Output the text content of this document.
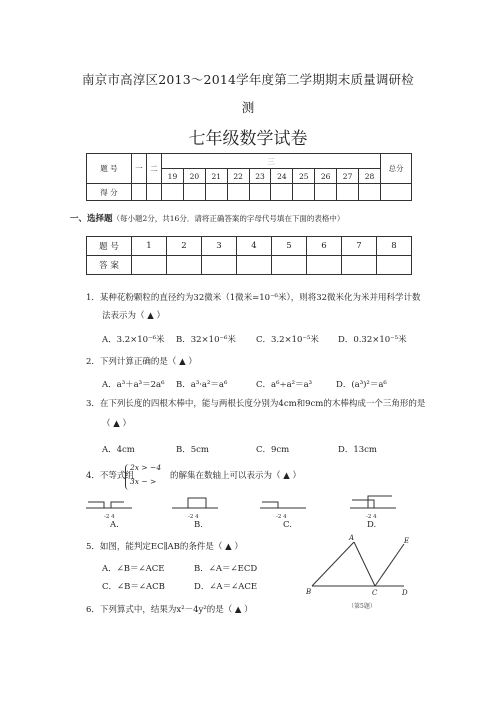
南京市高淳区2013～2014学年度第二学期期末质量调研检
测
七年级数学试卷
题 号	一	二	三										总分
			19	20	21	22	23	24	25	26	27	28	
得 分													
一、选择题（每小题2分，共16分．请将正确答案的字母代号填在下面的表格中）
题 号	1	2	3	4	5	6	7	8
答 案								
1．某种花粉颗粒的直径约为32微米（1微米=10⁻⁶米），则将32微米化为米并用科学计数
法表示为（ ▲ ）
A．3.2×10⁻⁶米 B．32×10⁻⁶米 C．3.2×10⁻⁵米 D．0.32×10⁻⁵米
2．下列计算正确的是（ ▲ ）
A．a³＋a³＝2a⁶ B．a³·a²＝a⁶	C．a⁶÷a²＝a³	D．(a³)²＝a⁶
3．在下列长度的四根木棒中，能与两根长度分别为4cm和9cm的木棒构成一个三角形的是
（ ▲ ）
A．4cm	B．5cm	C．9cm	D．13cm
4．不等式组
2x > −4
3x − >
的解集在数轴上可以表示为（ ▲ ）
-2 4	-2 4	-2 4	-2 4
A.	B.	C.	D.
5．如图，能判定EC∥AB的条件是（ ▲ ）
A．∠B＝∠ACE	B．∠A＝∠ECD
C．∠B＝∠ACB	D．∠A＝∠ACE
A	E
B	C	D
（第5题）
6．下列算式中，结果为x²－4y²的是（ ▲ ）
